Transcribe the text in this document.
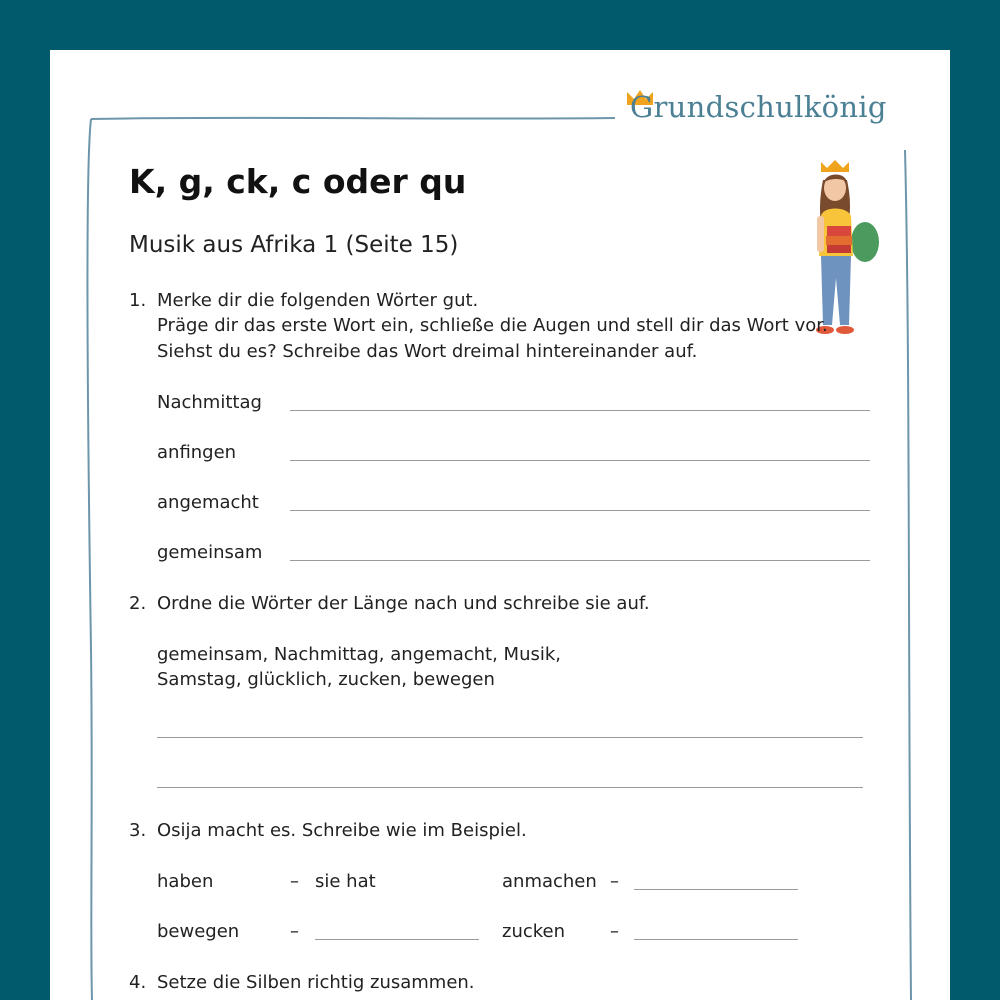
Grundschulkönig
K, g, ck, c oder qu
Musik aus Afrika 1 (Seite 15)
1. Merke dir die folgenden Wörter gut.
Präge dir das erste Wort ein, schließe die Augen und stell dir das Wort vor.
Siehst du es? Schreibe das Wort dreimal hintereinander auf.
Nachmittag
anfingen
angemacht
gemeinsam
2. Ordne die Wörter der Länge nach und schreibe sie auf.
gemeinsam, Nachmittag, angemacht, Musik,
Samstag, glücklich, zucken, bewegen
3. Osija macht es. Schreibe wie im Beispiel.
haben	– sie hat	anmachen –
bewegen	–	zucken –
4. Setze die Silben richtig zusammen.
